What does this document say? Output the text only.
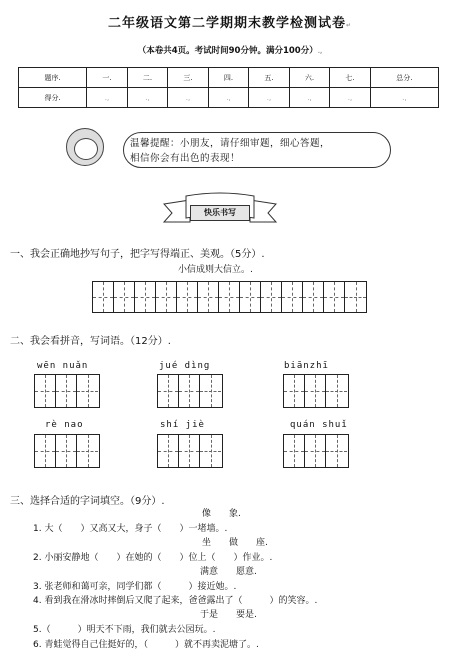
二年级语文第二学期期末教学检测试卷↵
（本卷共4页。考试时间90分钟。满分100分）.,
题序.	一.	二.	三.	四.	五.	六.	七.	总分.
得分.	.,	.,	.,	.,	.,	.,	.,	.,
温馨提醒：小朋友，请仔细审题，细心答题，
相信你会有出色的表现！
快乐书写
一、我会正确地抄写句子，把字写得端正、美观。（5分）.
小信成则大信立。.
二、我会看拼音，写词语。（12分）.
wēn nuǎn	jué dìng	biānzhī
rè nao	shí jiè	quán shuǐ
三、选择合适的字词填空。（9分）.
像　　象.
1. 大（　　）又高又大，身子（　　）一堵墙。.
坐　　做　　座.
2. 小丽安静地（　　）在她的（　　）位上（　　）作业。.
满意　　愿意.
3. 张老师和蔼可亲，同学们都（　　　）接近她。.
4. 看到我在滑冰时摔倒后又爬了起来，爸爸露出了（　　　）的笑容。.
于是　　要是.
5.（　　　）明天不下雨，我们就去公园玩。.
6. 青蛙觉得自己住挺好的，（　　　）就不再卖泥塘了。.
